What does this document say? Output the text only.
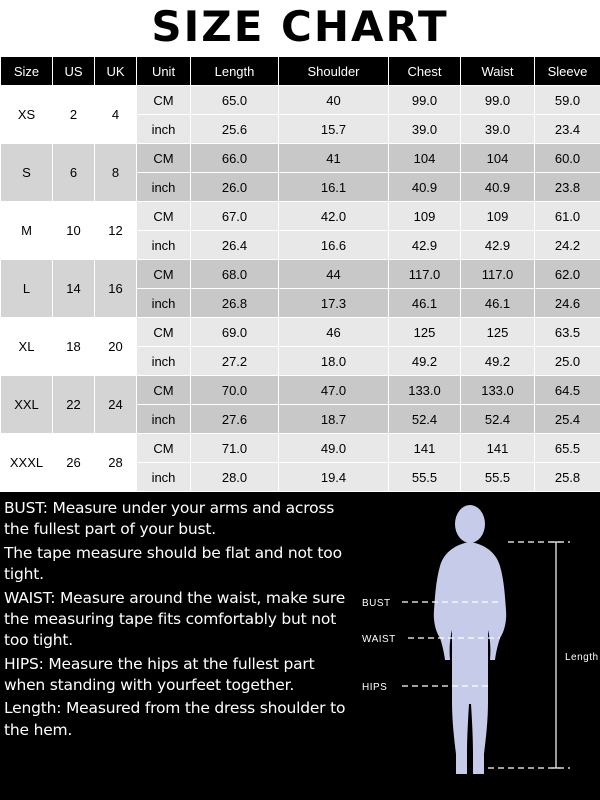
SIZE CHART
Size	US	UK	Unit	Length	Shoulder	Chest	Waist	Sleeve
XS	2	4	CM	65.0	40	99.0	99.0	59.0
			inch	25.6	15.7	39.0	39.0	23.4
S	6	8	CM	66.0	41	104	104	60.0
			inch	26.0	16.1	40.9	40.9	23.8
M	10	12	CM	67.0	42.0	109	109	61.0
			inch	26.4	16.6	42.9	42.9	24.2
L	14	16	CM	68.0	44	117.0	117.0	62.0
			inch	26.8	17.3	46.1	46.1	24.6
XL	18	20	CM	69.0	46	125	125	63.5
			inch	27.2	18.0	49.2	49.2	25.0
XXL	22	24	CM	70.0	47.0	133.0	133.0	64.5
			inch	27.6	18.7	52.4	52.4	25.4
XXXL	26	28	CM	71.0	49.0	141	141	65.5
			inch	28.0	19.4	55.5	55.5	25.8

BUST: Measure under your arms and across the fullest part of your bust.

The tape measure should be flat and not too tight.

WAIST: Measure around the waist, make sure the measuring tape fits comfortably but not too tight.

HIPS: Measure the hips at the fullest part when standing with yourfeet together.

Length: Measured from the dress shoulder to the hem.

Length
BUST
WAIST
HIPS
